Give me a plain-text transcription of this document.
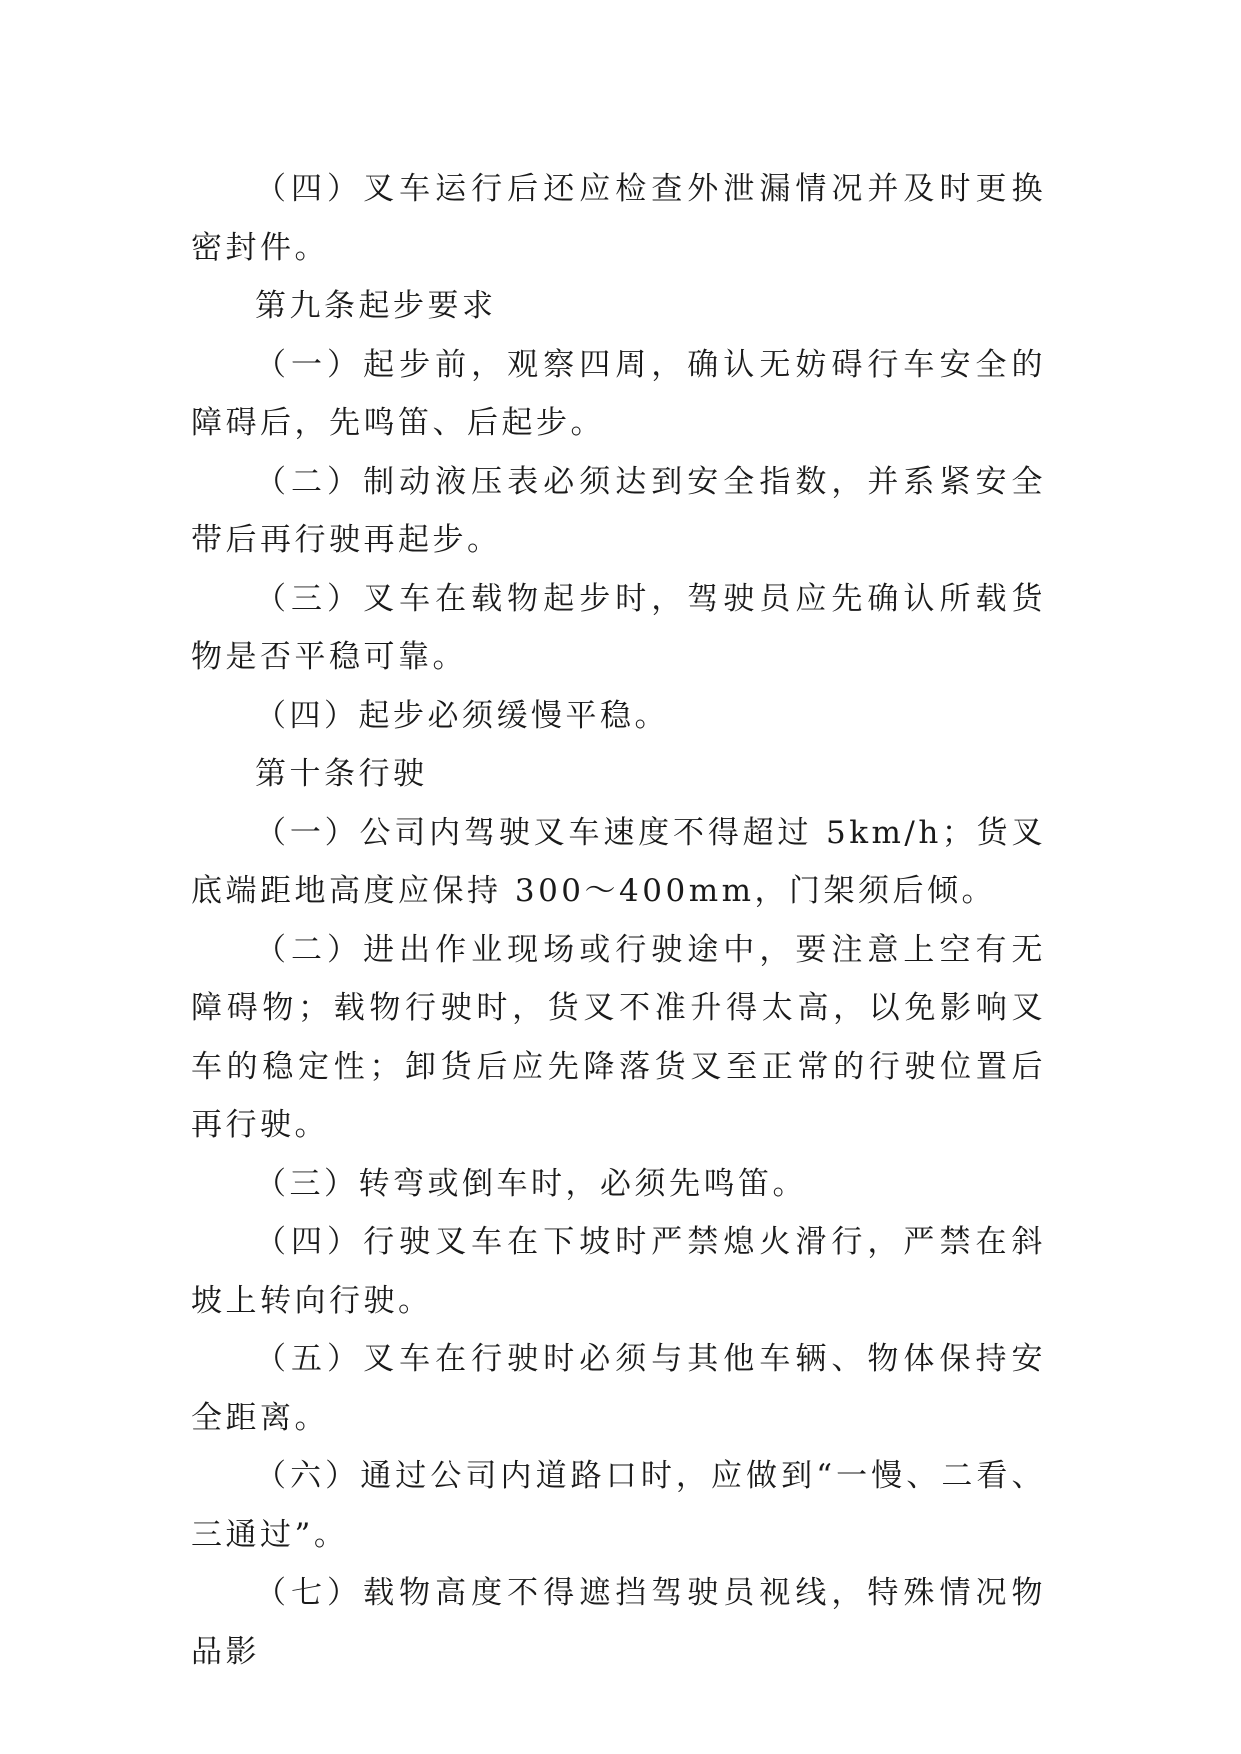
（四）叉车运行后还应检查外泄漏情况并及时更换密封件。

第九条起步要求

（一）起步前，观察四周，确认无妨碍行车安全的障碍后，先鸣笛、后起步。

（二）制动液压表必须达到安全指数，并系紧安全带后再行驶再起步。

（三）叉车在载物起步时，驾驶员应先确认所载货物是否平稳可靠。

（四）起步必须缓慢平稳。

第十条行驶

（一）公司内驾驶叉车速度不得超过 5km/h；货叉底端距地高度应保持 300～400mm，门架须后倾。

（二）进出作业现场或行驶途中，要注意上空有无障碍物；载物行驶时，货叉不准升得太高，以免影响叉车的稳定性；卸货后应先降落货叉至正常的行驶位置后再行驶。

（三）转弯或倒车时，必须先鸣笛。

（四）行驶叉车在下坡时严禁熄火滑行，严禁在斜坡上转向行驶。

（五）叉车在行驶时必须与其他车辆、物体保持安全距离。

（六）通过公司内道路口时，应做到“一慢、二看、三通过”。

（七）载物高度不得遮挡驾驶员视线，特殊情况物品影
